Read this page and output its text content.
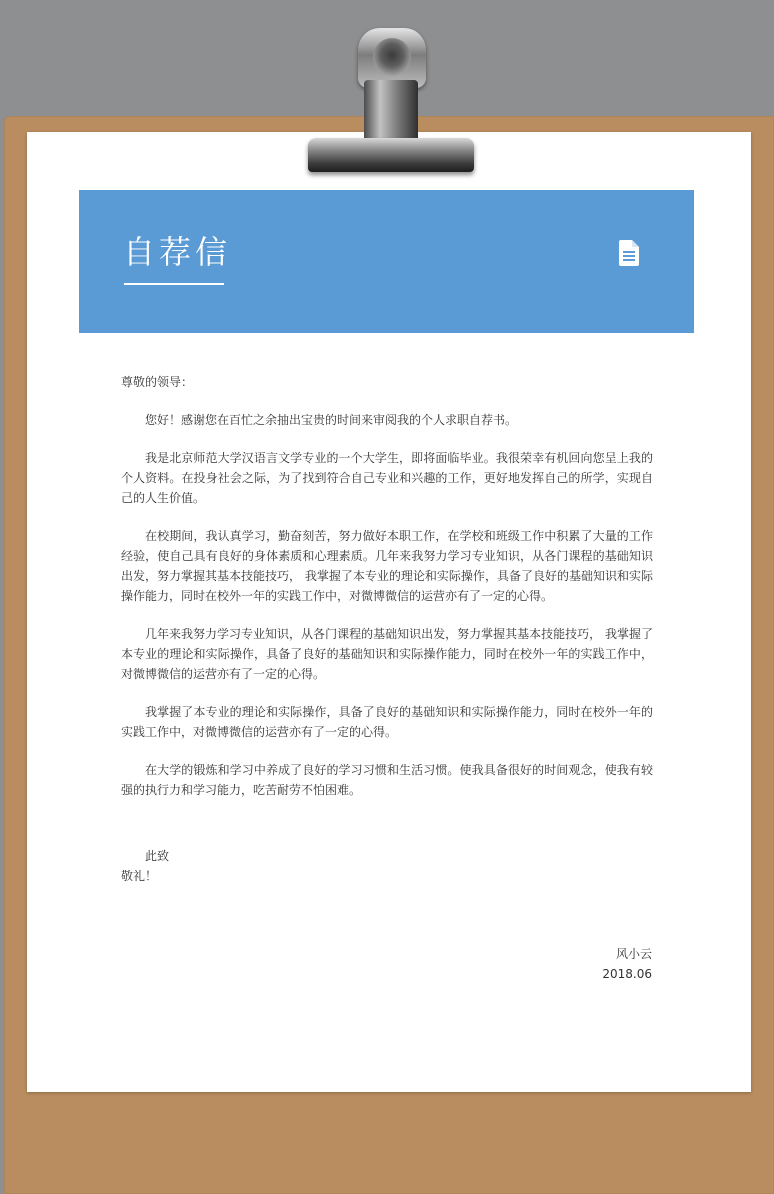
自荐信

尊敬的领导：

您好！感谢您在百忙之余抽出宝贵的时间来审阅我的个人求职自荐书。

我是北京师范大学汉语言文学专业的一个大学生，即将面临毕业。我很荣幸有机回向您呈上我的个人资料。在投身社会之际，为了找到符合自己专业和兴趣的工作，更好地发挥自己的所学，实现自己的人生价值。

在校期间，我认真学习，勤奋刻苦，努力做好本职工作，在学校和班级工作中积累了大量的工作经验，使自己具有良好的身体素质和心理素质。几年来我努力学习专业知识，从各门课程的基础知识出发，努力掌握其基本技能技巧， 我掌握了本专业的理论和实际操作，具备了良好的基础知识和实际操作能力，同时在校外一年的实践工作中，对微博微信的运营亦有了一定的心得。

几年来我努力学习专业知识，从各门课程的基础知识出发，努力掌握其基本技能技巧， 我掌握了本专业的理论和实际操作，具备了良好的基础知识和实际操作能力，同时在校外一年的实践工作中，对微博微信的运营亦有了一定的心得。

我掌握了本专业的理论和实际操作，具备了良好的基础知识和实际操作能力，同时在校外一年的实践工作中，对微博微信的运营亦有了一定的心得。

在大学的锻炼和学习中养成了良好的学习习惯和生活习惯。使我具备很好的时间观念，使我有较强的执行力和学习能力，吃苦耐劳不怕困难。

此致
敬礼！
风小云
2018.06
